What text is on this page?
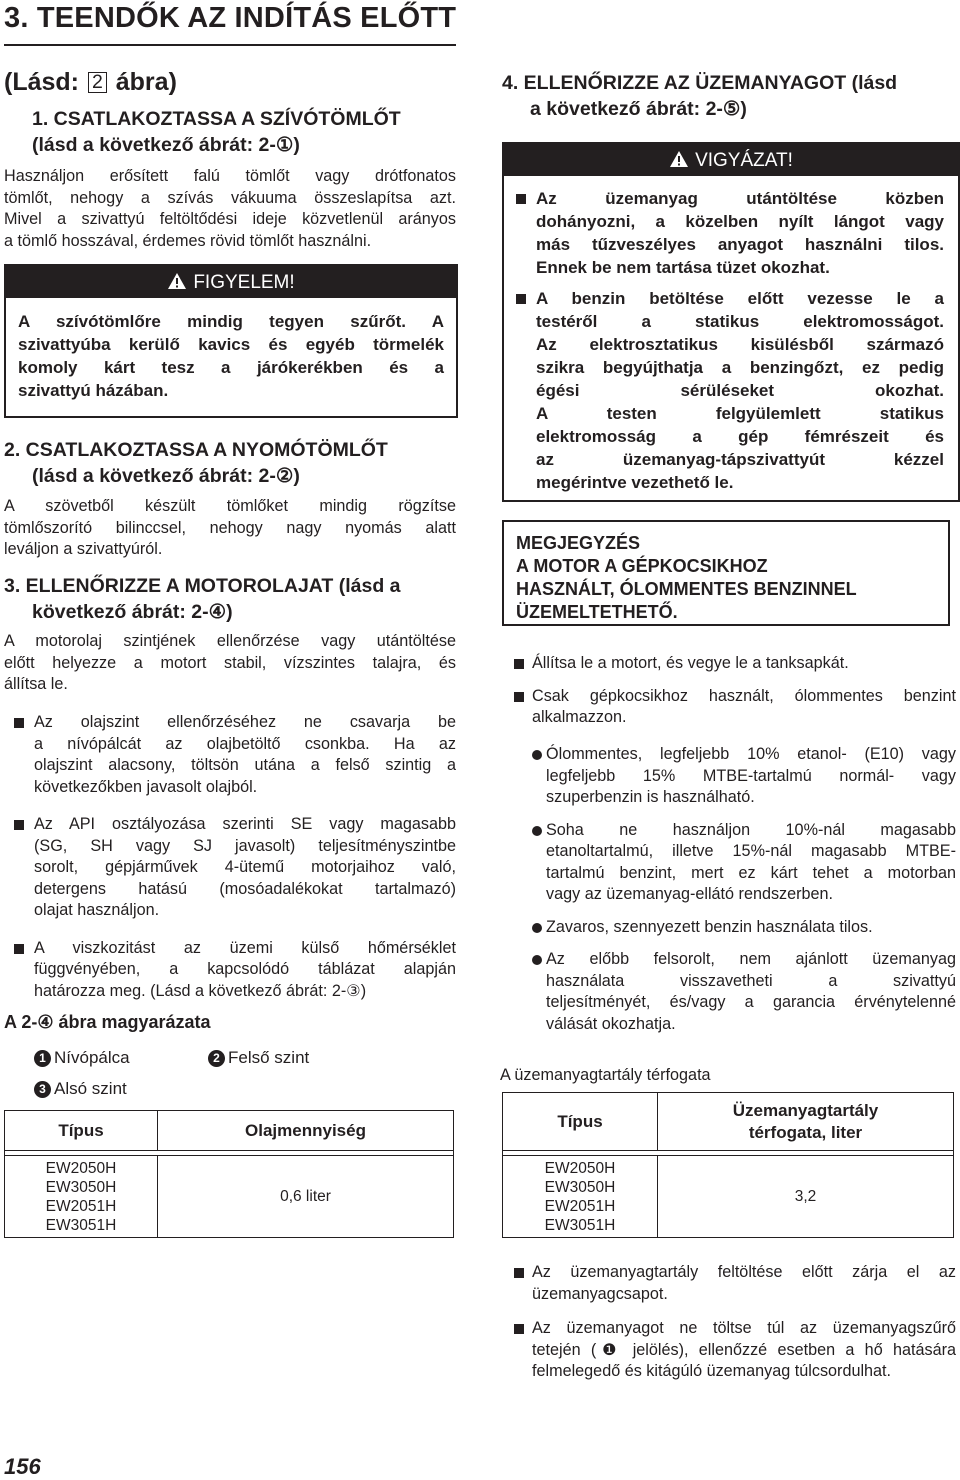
3. TEENDŐK AZ INDÍTÁS ELŐTT
(Lásd: 2 ábra)
1. CSATLAKOZTASSA A SZÍVÓTÖMLŐT
(lásd a következő ábrát: 2-①)
Használjon erősített falú tömlőt vagy drótfonatos
tömlőt, nehogy a szívás vákuuma összeslapítsa azt.
Mivel a szivattyú feltöltődési ideje közvetlenül arányos
a tömlő hosszával, érdemes rövid tömlőt használni.
FIGYELEM!
A szívótömlőre mindig tegyen szűrőt. A
szivattyúba kerülő kavics és egyéb törmelék
komoly kárt tesz a járókerékben és a
szivattyú házában.
2. CSATLAKOZTASSA A NYOMÓTÖMLŐT
(lásd a következő ábrát: 2-②)
A szövetből készült tömlőket mindig rögzítse
tömlőszorító bilinccsel, nehogy nagy nyomás alatt
leváljon a szivattyúról.
3. ELLENŐRIZZE A MOTOROLAJAT (lásd a
következő ábrát: 2-④)
A motorolaj szintjének ellenőrzése vagy utántöltése
előtt helyezze a motort stabil, vízszintes talajra, és
állítsa le.
Az olajszint ellenőrzéséhez ne csavarja be
a nívópálcát az olajbetöltő csonkba. Ha az
olajszint alacsony, töltsön utána a felső szintig a
következőkben javasolt olajból.
Az API osztályozása szerinti SE vagy magasabb
(SG, SH vagy SJ javasolt) teljesítményszintbe
sorolt, gépjárművek 4-ütemű motorjaihoz való,
detergens hatású (mosóadalékokat tartalmazó)
olajat használjon.
A viszkozitást az üzemi külső hőmérséklet
függvényében, a kapcsolódó táblázat alapján
határozza meg. (Lásd a következő ábrát: 2-③)
A 2-④ ábra magyarázata
1 Nívópálca	2 Felső szint
3 Alsó szint
Típus	Olajmennyiség

EW2050H
EW3050H
EW2051H
EW3051H	0,6 liter
4. ELLENŐRIZZE AZ ÜZEMANYAGOT (lásd
a következő ábrát: 2-⑤)
VIGYÁZAT!
Az üzemanyag utántöltése közben
dohányozni, a közelben nyílt lángot vagy
más tűzveszélyes anyagot használni tilos.
Ennek be nem tartása tüzet okozhat.
A benzin betöltése előtt vezesse le a
testéről a statikus elektromosságot.
Az elektrosztatikus kisülésből származó
szikra begyújthatja a benzingőzt, ez pedig
égési sérüléseket okozhat.
A testen felgyülemlett statikus
elektromosság a gép fémrészeit és
az üzemanyag-tápszivattyút kézzel
megérintve vezethető le.
MEGJEGYZÉS
A MOTOR A GÉPKOCSIKHOZ
HASZNÁLT, ÓLOMMENTES BENZINNEL
ÜZEMELTETHETŐ.
Állítsa le a motort, és vegye le a tanksapkát.
Csak gépkocsikhoz használt, ólommentes benzint
alkalmazzon.
Ólommentes, legfeljebb 10% etanol- (E10) vagy
legfeljebb 15% MTBE-tartalmú normál- vagy
szuperbenzin is használható.
Soha ne használjon 10%-nál magasabb
etanoltartalmú, illetve 15%-nál magasabb MTBE-
tartalmú benzint, mert ez kárt tehet a motorban
vagy az üzemanyag-ellátó rendszerben.
Zavaros, szennyezett benzin használata tilos.
Az előbb felsorolt, nem ajánlott üzemanyag
használata visszavetheti a szivattyú
teljesítményét, és/vagy a garancia érvénytelenné
válását okozhatja.
A üzemanyagtartály térfogata
Típus	Üzemanyagtartály
térfogata, liter

EW2050H
EW3050H
EW2051H
EW3051H	3,2
Az üzemanyagtartály feltöltése előtt zárja el az
üzemanyagcsapot.
Az üzemanyagot ne töltse túl az üzemanyagszűrő
tetején (❶ jelölés), ellenőzzé esetben a hő hatására
felmelegedő és kitágúló üzemanyag túlcsordulhat.
156
